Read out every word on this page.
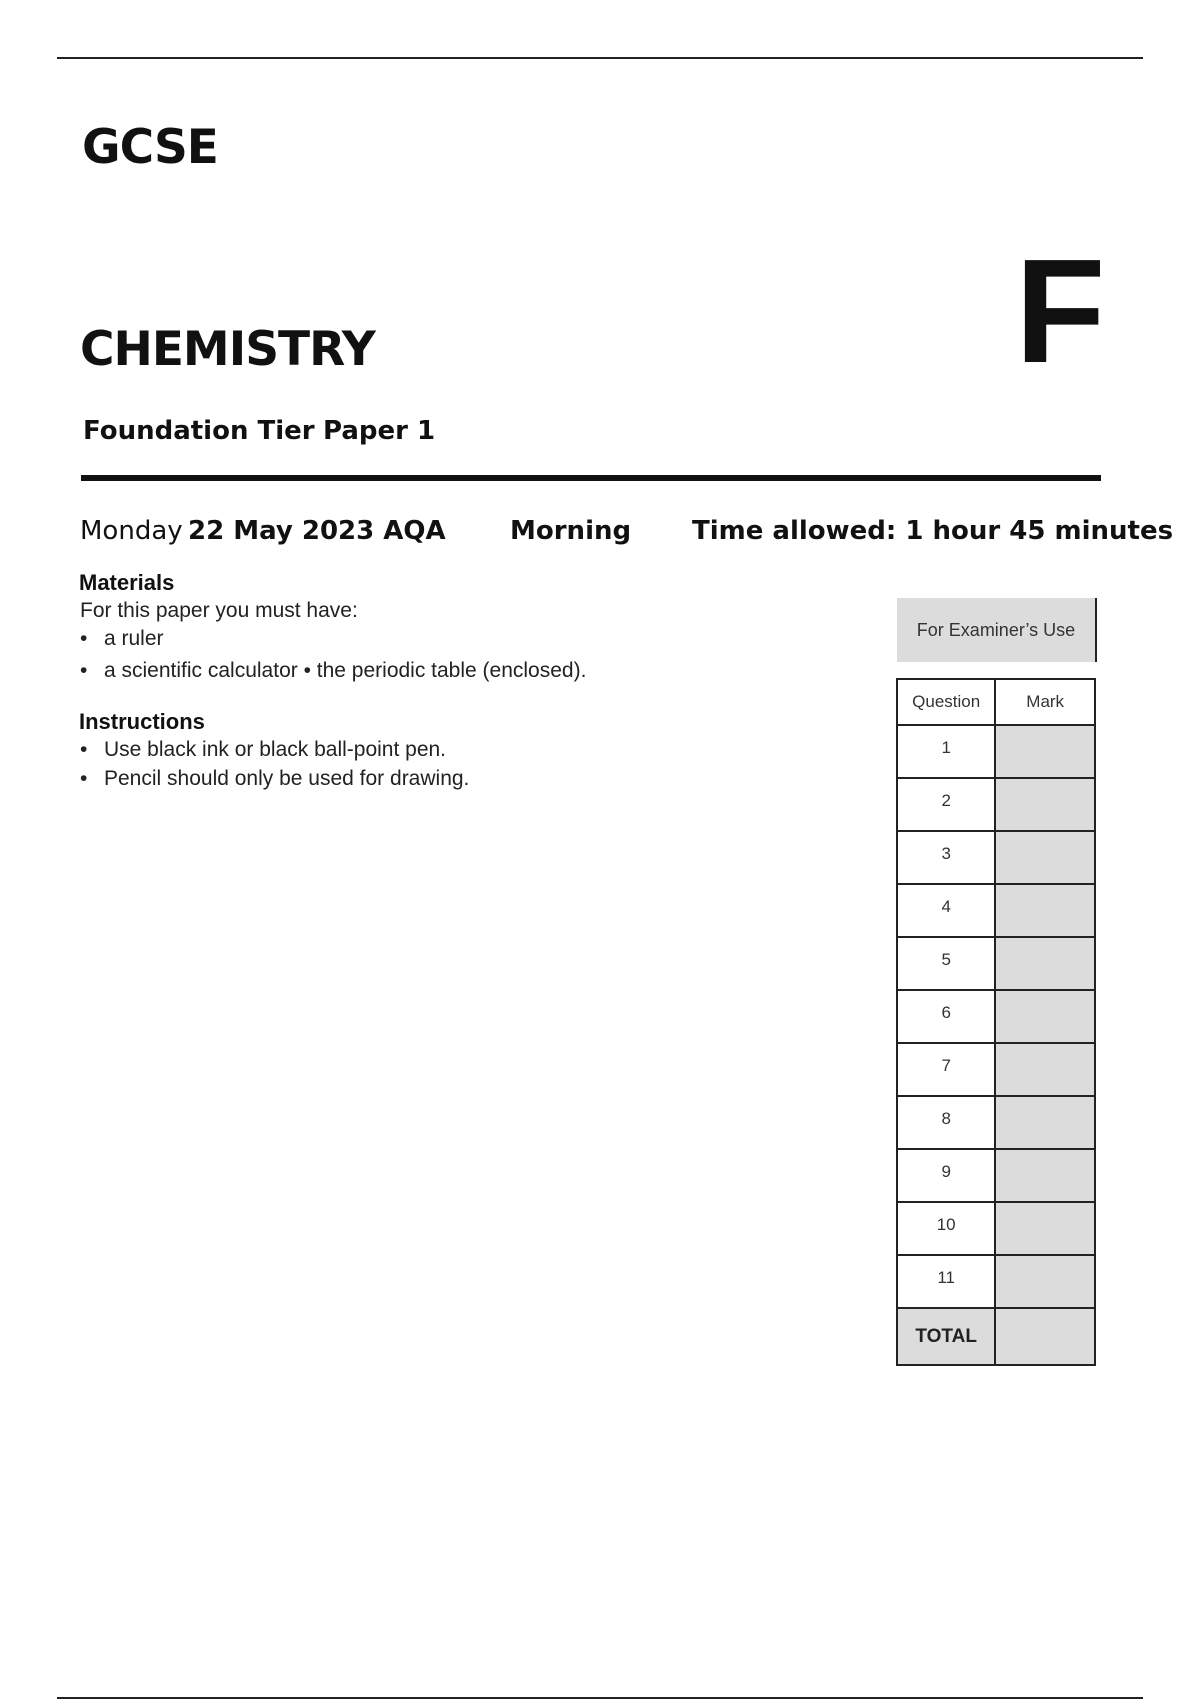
GCSE
F
CHEMISTRY
Foundation Tier Paper 1
Monday 22 May 2023 AQA Morning Time allowed: 1 hour 45 minutes
Materials
For this paper you must have:
• a ruler
• a scientific calculator • the periodic table (enclosed).
Instructions
• Use black ink or black ball-point pen.
• Pencil should only be used for drawing.
For Examiner’s Use
Question	Mark
1	
2	
3	
4	
5	
6	
7	
8	
9	
10	
11	
TOTAL	
